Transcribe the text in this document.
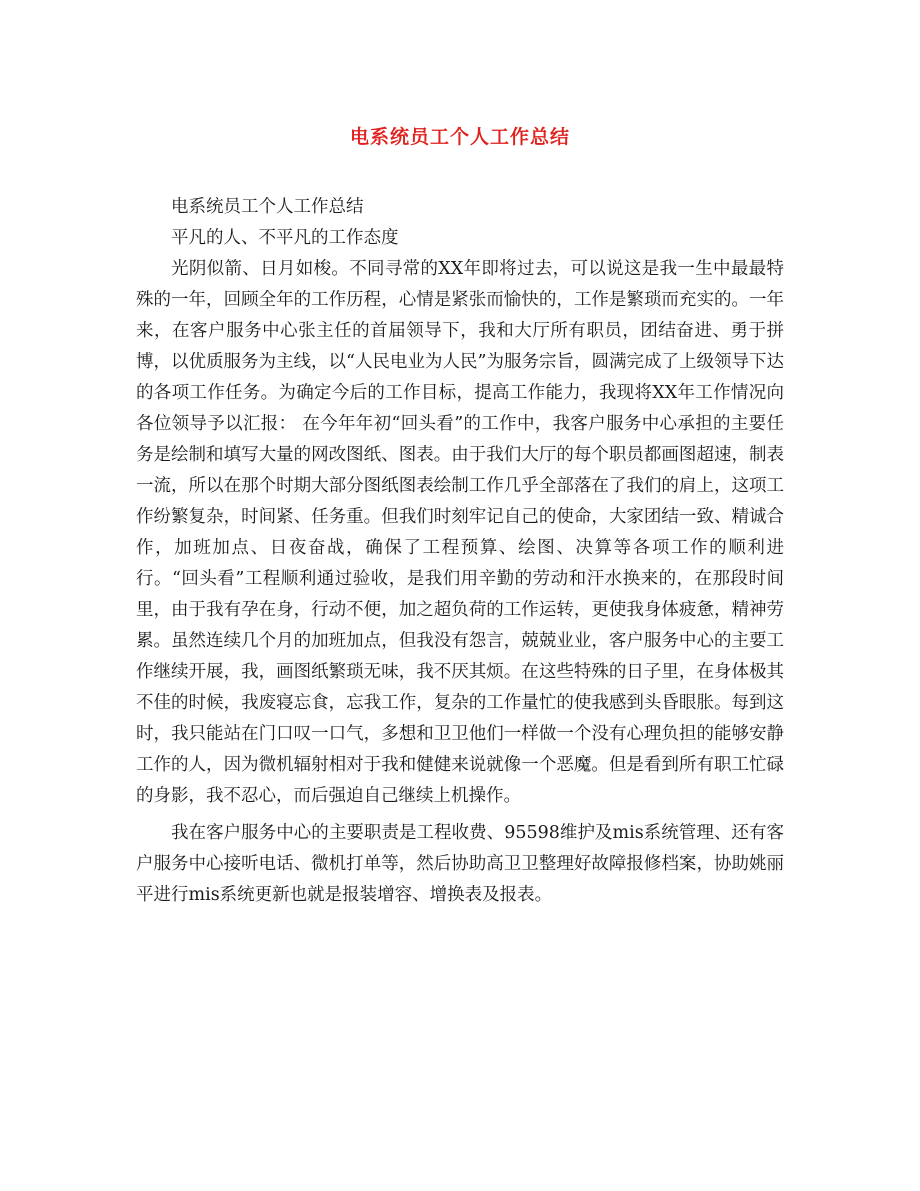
电系统员工个人工作总结

电系统员工个人工作总结

平凡的人、不平凡的工作态度

光阴似箭、日月如梭。不同寻常的XX年即将过去，可以说这是我一生中最最特殊的一年，回顾全年的工作历程，心情是紧张而愉快的，工作是繁琐而充实的。一年来，在客户服务中心张主任的首届领导下，我和大厅所有职员，团结奋进、勇于拼博，以优质服务为主线，以“人民电业为人民”为服务宗旨，圆满完成了上级领导下达的各项工作任务。为确定今后的工作目标，提高工作能力，我现将XX年工作情况向各位领导予以汇报： 在今年年初“回头看”的工作中，我客户服务中心承担的主要任务是绘制和填写大量的网改图纸、图表。由于我们大厅的每个职员都画图超速，制表一流，所以在那个时期大部分图纸图表绘制工作几乎全部落在了我们的肩上，这项工作纷繁复杂，时间紧、任务重。但我们时刻牢记自己的使命，大家团结一致、精诚合作，加班加点、日夜奋战，确保了工程预算、绘图、决算等各项工作的顺利进行。“回头看”工程顺利通过验收，是我们用辛勤的劳动和汗水换来的，在那段时间里，由于我有孕在身，行动不便，加之超负荷的工作运转，更使我身体疲惫，精神劳累。虽然连续几个月的加班加点，但我没有怨言，兢兢业业，客户服务中心的主要工作继续开展，我，画图纸繁琐无味，我不厌其烦。在这些特殊的日子里，在身体极其不佳的时候，我废寝忘食，忘我工作，复杂的工作量忙的使我感到头昏眼胀。每到这时，我只能站在门口叹一口气，多想和卫卫他们一样做一个没有心理负担的能够安静工作的人，因为微机辐射相对于我和健健来说就像一个恶魔。但是看到所有职工忙碌的身影，我不忍心，而后强迫自己继续上机操作。

我在客户服务中心的主要职责是工程收费、95598维护及mis系统管理、还有客户服务中心接听电话、微机打单等，然后协助高卫卫整理好故障报修档案，协助姚丽平进行mis系统更新也就是报装增容、增换表及报表。
